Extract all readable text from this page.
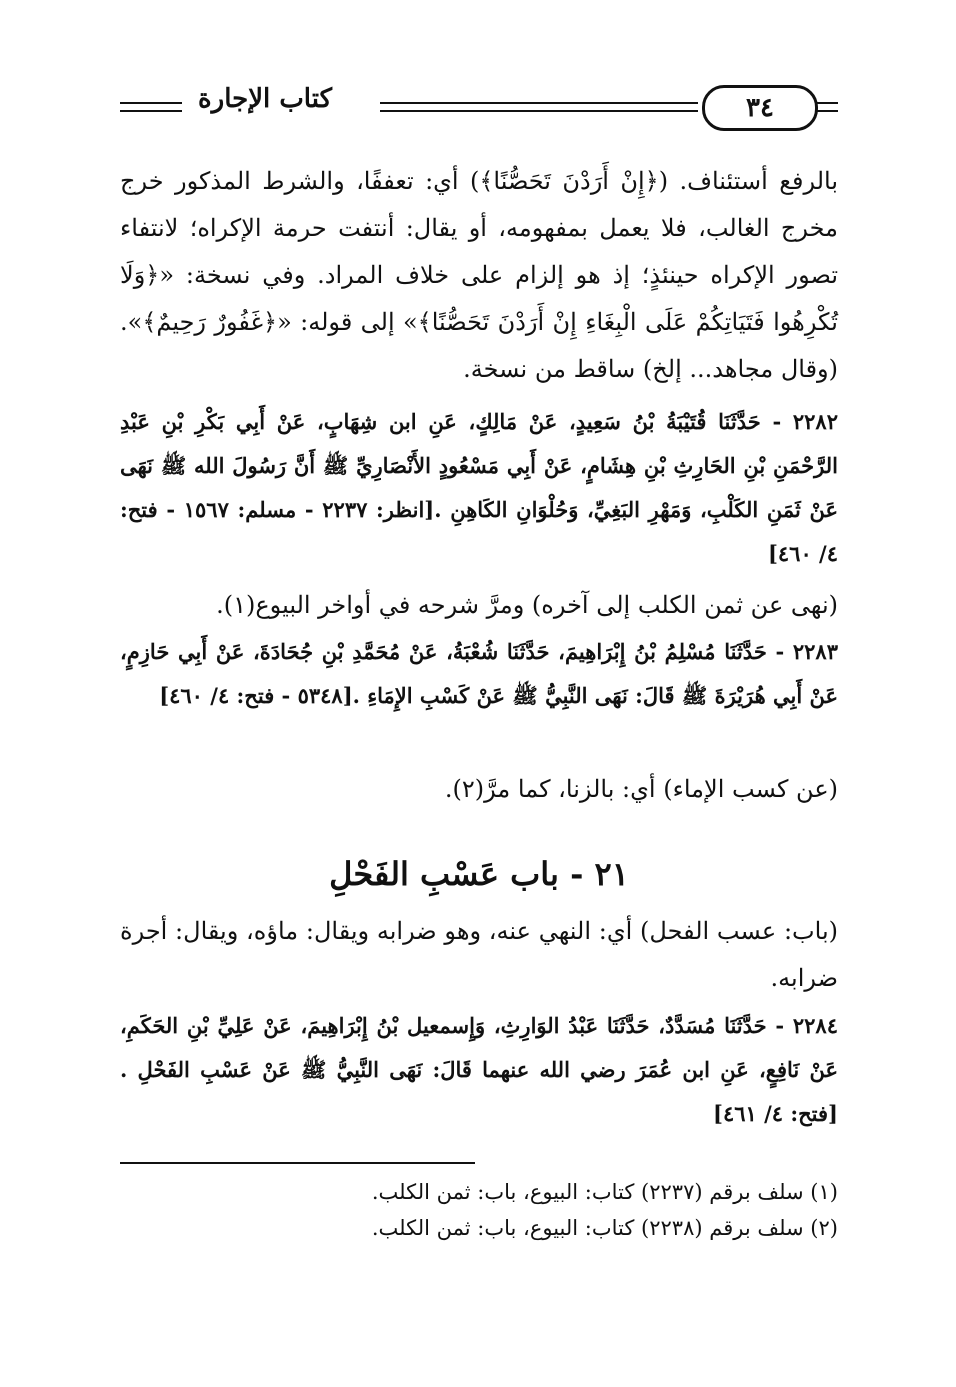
٣٤
كتاب الإجارة
بالرفع أستئناف. (﴿إِنْ أَرَدْنَ تَحَصُّنًا﴾) أي: تعففًا، والشرط المذكور خرج مخرج الغالب، فلا يعمل بمفهومه، أو يقال: أنتفت حرمة الإكراه؛ لانتفاء تصور الإكراه حينئذٍ؛ إذ هو إلزام على خلاف المراد. وفي نسخة: «﴿وَلَا تُكْرِهُوا فَتَيَاتِكُمْ عَلَى الْبِغَاءِ إِنْ أَرَدْنَ تَحَصُّنًا﴾» إلى قوله: «﴿غَفُورٌ رَحِيمٌ﴾». (وقال مجاهد... إلخ) ساقط من نسخة.
٢٢٨٢ - حَدَّثَنَا قُتَيْبَةُ بْنُ سَعِيدٍ، عَنْ مَالِكٍ، عَنِ ابن شِهَابٍ، عَنْ أَبِي بَكْرِ بْنِ عَبْدِ الرَّحْمَنِ بْنِ الحَارِثِ بْنِ هِشَامٍ، عَنْ أَبِي مَسْعُودٍ الأَنْصَارِيِّ ﷺ أَنَّ رَسُولَ الله ﷺ نَهَى عَنْ ثَمَنِ الكَلْبِ، وَمَهْرِ البَغِيِّ، وَحُلْوَانِ الكَاهِنِ .[انظر: ٢٢٣٧ - مسلم: ١٥٦٧ - فتح: ٤/ ٤٦٠]
(نهى عن ثمن الكلب إلى آخره) ومرَّ شرحه في أواخر البيوع(١).
٢٢٨٣ - حَدَّثَنَا مُسْلِمُ بْنُ إِبْرَاهِيمَ، حَدَّثَنَا شُعْبَةُ، عَنْ مُحَمَّدِ بْنِ جُحَادَةَ، عَنْ أَبِي حَازِمٍ، عَنْ أَبِي هُرَيْرَةَ ﷺ قَالَ: نَهَى النَّبِيُّ ﷺ عَنْ كَسْبِ الإِمَاءِ .[٥٣٤٨ - فتح: ٤/ ٤٦٠]
(عن كسب الإماء) أي: بالزنا، كما مرَّ(٢).
٢١ - باب عَسْبِ الفَحْلِ
(باب: عسب الفحل) أي: النهي عنه، وهو ضرابه ويقال: ماؤه، ويقال: أجرة ضرابه.
٢٢٨٤ - حَدَّثَنَا مُسَدَّدٌ، حَدَّثَنَا عَبْدُ الوَارِثِ، وَإِسمعيل بْنُ إِبْرَاهِيمَ، عَنْ عَلِيِّ بْنِ الحَكَمِ، عَنْ نَافِعٍ، عَنِ ابن عُمَرَ رضي الله عنهما قَالَ: نَهَى النَّبِيُّ ﷺ عَنْ عَسْبِ الفَحْلِ .[فتح: ٤/ ٤٦١]
(١) سلف برقم (٢٢٣٧) كتاب: البيوع، باب: ثمن الكلب.
(٢) سلف برقم (٢٢٣٨) كتاب: البيوع، باب: ثمن الكلب.
